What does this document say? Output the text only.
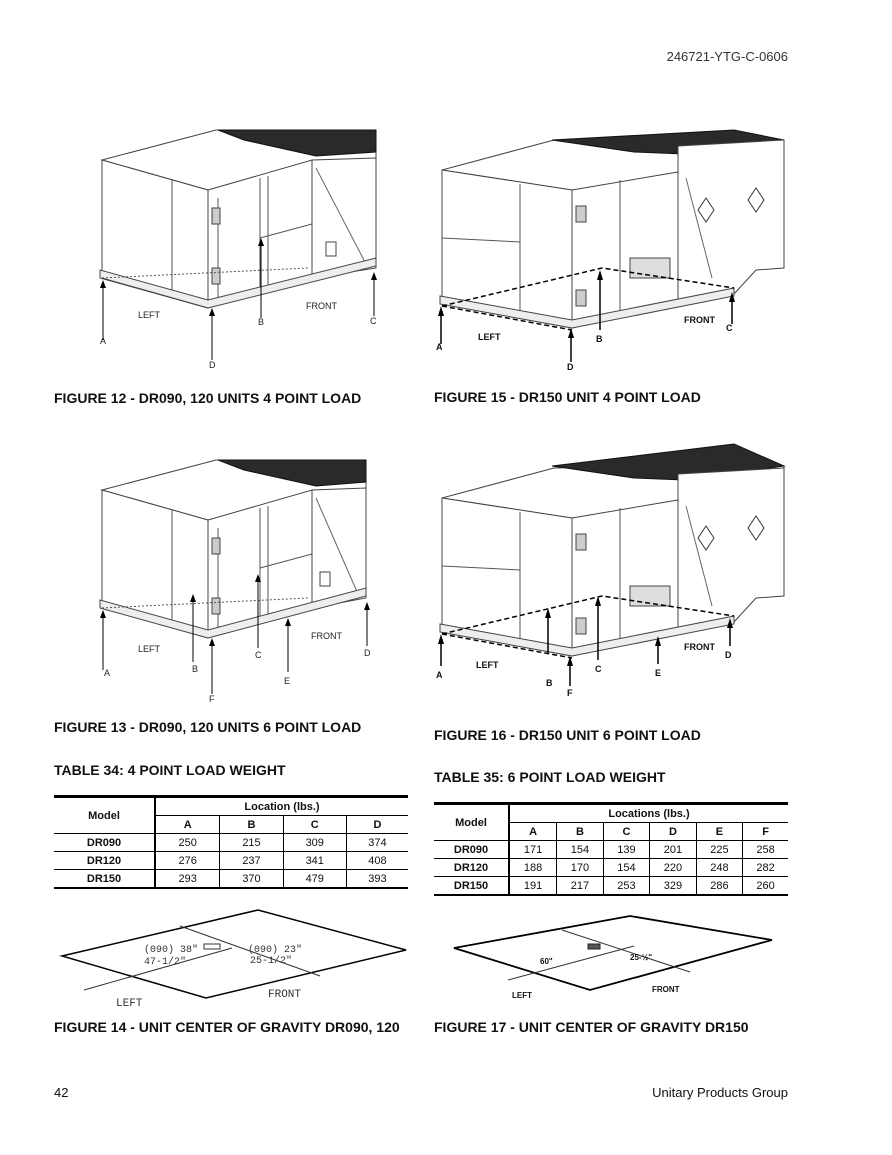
246721-YTG-C-0606
LEFT
FRONT
A
B	C
D
FIGURE 12 - DR090, 120 UNITS 4 POINT LOAD
LEFT
FRONT
A
B
C
D
FIGURE 15 - DR150 UNIT 4 POINT LOAD
LEFT
FRONT
A	B
C	D
E
F
FIGURE 13 - DR090, 120 UNITS 6 POINT LOAD
LEFT
FRONT
A
B
C
D
E
F
FIGURE 16 - DR150 UNIT 6 POINT LOAD
TABLE 34: 4 POINT LOAD WEIGHT
Model	Location (lbs.)			
	A	B	C	D
DR090	250	215	309	374
DR120	276	237	341	408
DR150	293	370	479	393
TABLE 35: 6 POINT LOAD WEIGHT
Model	Locations (lbs.)					
	A	B	C	D	E	F
DR090	171	154	139	201	225	258
DR120	188	170	154	220	248	282
DR150	191	217	253	329	286	260
(090) 38"
47-1/2"
(090) 23"
25-1/2"
LEFT
FRONT
FIGURE 14 - UNIT CENTER OF GRAVITY DR090, 120
60"	25-½"
LEFT
FRONT
FIGURE 17 - UNIT CENTER OF GRAVITY DR150
42	Unitary Products Group
